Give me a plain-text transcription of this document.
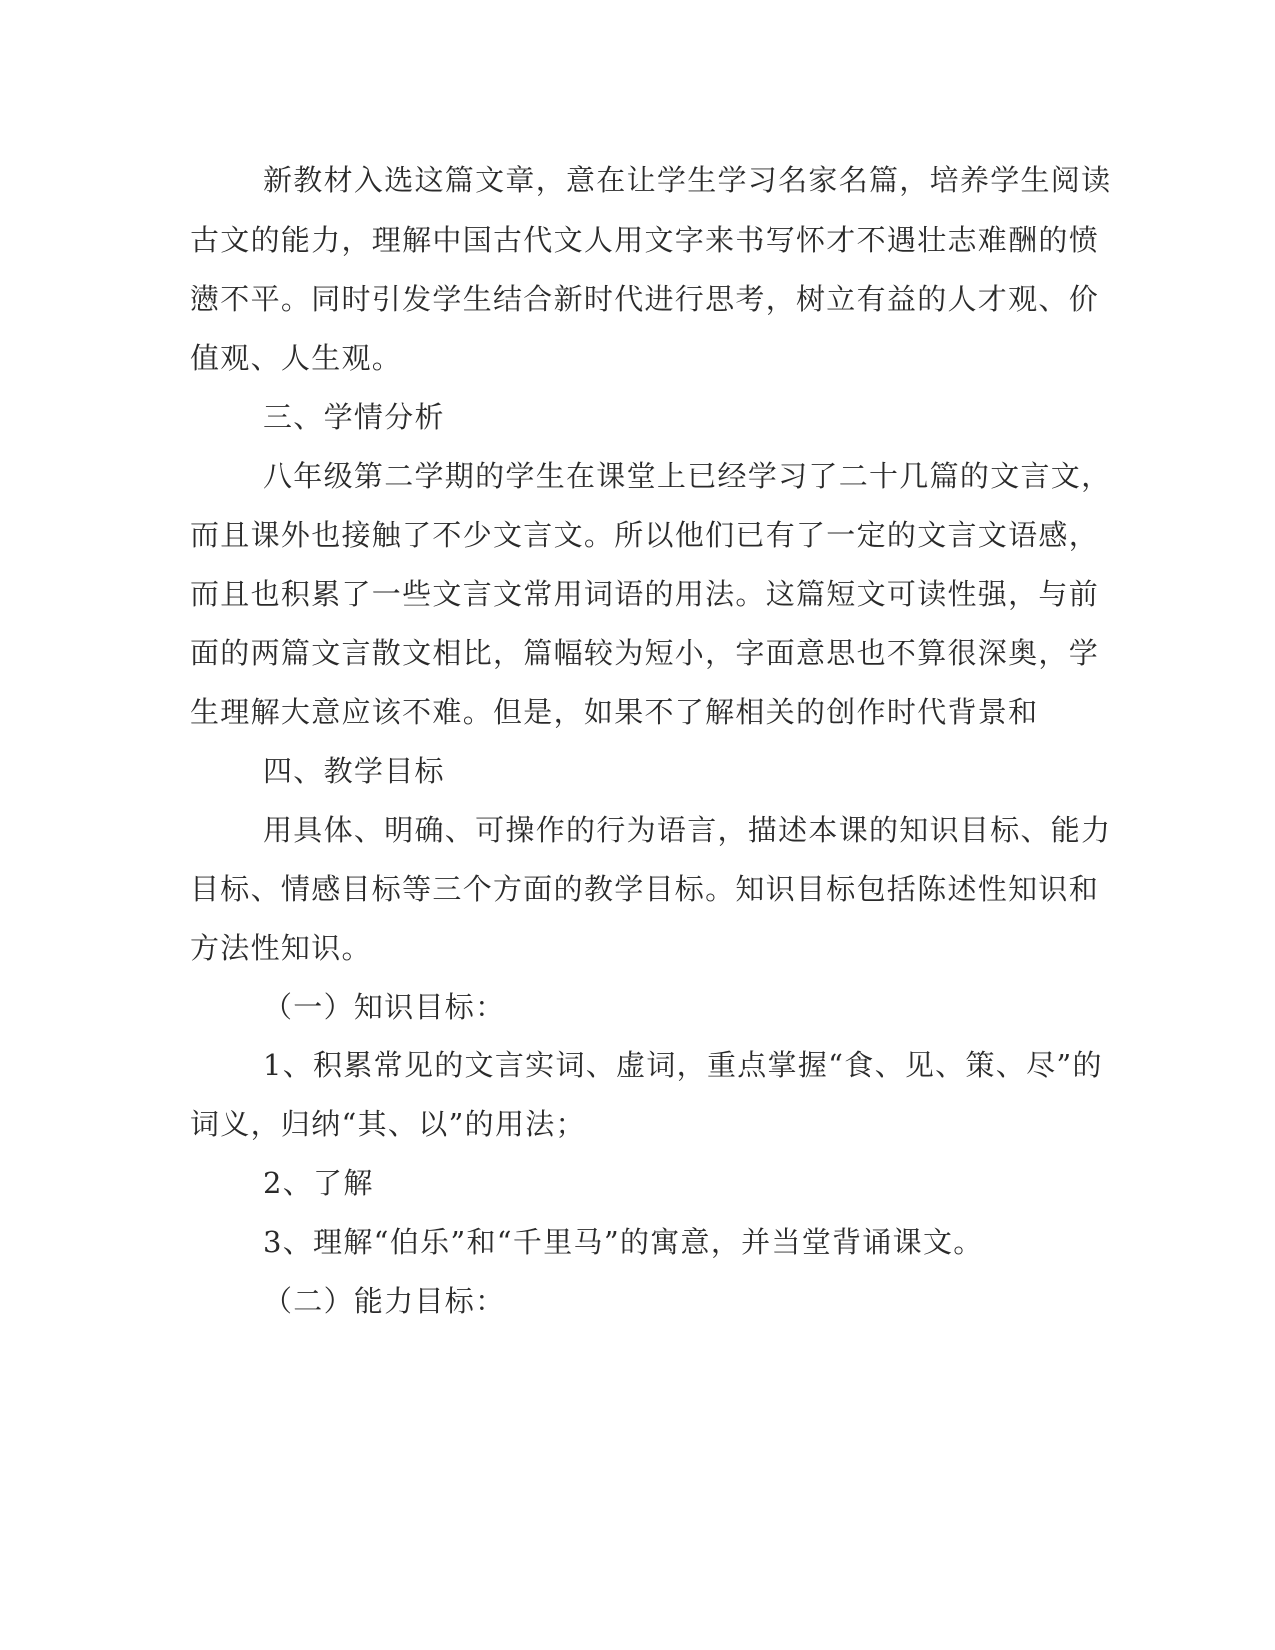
新教材入选这篇文章，意在让学生学习名家名篇，培养学生阅读

古文的能力，理解中国古代文人用文字来书写怀才不遇壮志难酬的愤

懑不平。同时引发学生结合新时代进行思考，树立有益的人才观、价

值观、人生观。

三、学情分析

八年级第二学期的学生在课堂上已经学习了二十几篇的文言文，

而且课外也接触了不少文言文。所以他们已有了一定的文言文语感，

而且也积累了一些文言文常用词语的用法。这篇短文可读性强，与前

面的两篇文言散文相比，篇幅较为短小，字面意思也不算很深奥，学

生理解大意应该不难。但是，如果不了解相关的创作时代背景和

四、教学目标

用具体、明确、可操作的行为语言，描述本课的知识目标、能力

目标、情感目标等三个方面的教学目标。知识目标包括陈述性知识和

方法性知识。

（一）知识目标：

1、积累常见的文言实词、虚词，重点掌握“食、见、策、尽”的

词义，归纳“其、以”的用法；

2、了解

3、理解“伯乐”和“千里马”的寓意，并当堂背诵课文。

（二）能力目标：
